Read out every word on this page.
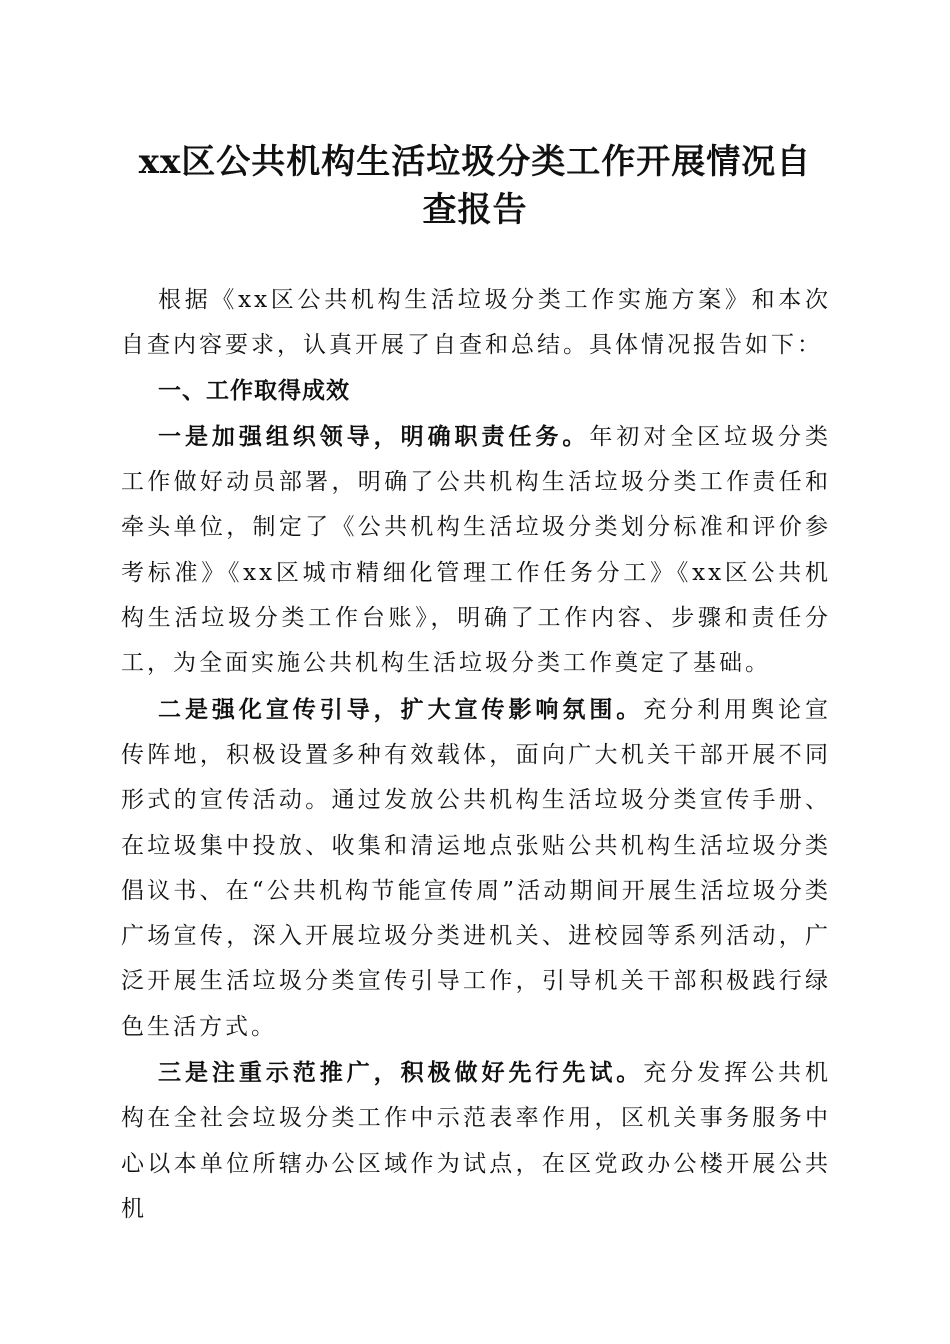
xx区公共机构生活垃圾分类工作开展情况自
查报告

根据《xx区公共机构生活垃圾分类工作实施方案》和本次自查内容要求，认真开展了自查和总结。具体情况报告如下：

一、工作取得成效

一是加强组织领导，明确职责任务。年初对全区垃圾分类工作做好动员部署，明确了公共机构生活垃圾分类工作责任和牵头单位，制定了《公共机构生活垃圾分类划分标准和评价参考标准》《xx区城市精细化管理工作任务分工》《xx区公共机构生活垃圾分类工作台账》，明确了工作内容、步骤和责任分工，为全面实施公共机构生活垃圾分类工作奠定了基础。

二是强化宣传引导，扩大宣传影响氛围。充分利用舆论宣传阵地，积极设置多种有效载体，面向广大机关干部开展不同形式的宣传活动。通过发放公共机构生活垃圾分类宣传手册、在垃圾集中投放、收集和清运地点张贴公共机构生活垃圾分类倡议书、在“公共机构节能宣传周”活动期间开展生活垃圾分类广场宣传，深入开展垃圾分类进机关、进校园等系列活动，广泛开展生活垃圾分类宣传引导工作，引导机关干部积极践行绿色生活方式。

三是注重示范推广，积极做好先行先试。充分发挥公共机构在全社会垃圾分类工作中示范表率作用，区机关事务服务中心以本单位所辖办公区域作为试点，在区党政办公楼开展公共机
